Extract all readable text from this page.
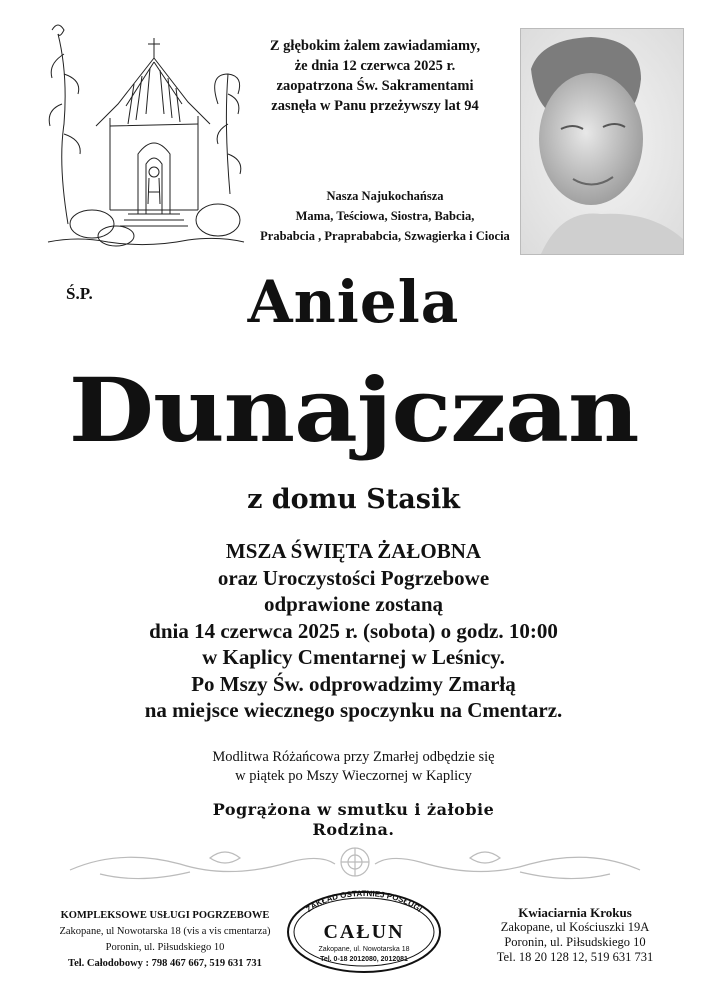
Z głębokim żalem zawiadamiamy,
że dnia 12 czerwca 2025 r.
zaopatrzona Św. Sakramentami
zasnęła w Panu przeżywszy lat 94
Nasza Najukochańsza
Mama, Teściowa, Siostra, Babcia,
Prababcia , Praprababcia, Szwagierka i Ciocia
Ś.P.	Aniela
Dunajczan
z domu Stasik
MSZA ŚWIĘTA ŻAŁOBNA
oraz Uroczystości Pogrzebowe
odprawione zostaną
dnia 14 czerwca 2025 r. (sobota) o godz. 10:00
w Kaplicy Cmentarnej w Leśnicy.
Po Mszy Św. odprowadzimy Zmarłą
na miejsce wiecznego spoczynku na Cmentarz.
Modlitwa Różańcowa przy Zmarłej odbędzie się
w piątek po Mszy Wieczornej w Kaplicy
Pogrążona w smutku i żałobie
Rodzina.
KOMPLEKSOWE USŁUGI POGRZEBOWE
Zakopane, ul Nowotarska 18 (vis a vis cmentarza)
Poronin, ul. Piłsudskiego 10
Tel. Całodobowy : 798 467 667, 519 631 731
ZAKŁAD OSTATNIEJ POSŁUGI
CAŁUN
Zakopane, ul. Nowotarska 18
Tel. 0-18 2012080, 2012081
Kwiaciarnia Krokus
Zakopane, ul Kościuszki 19A
Poronin, ul. Piłsudskiego 10
Tel. 18 20 128 12, 519 631 731
